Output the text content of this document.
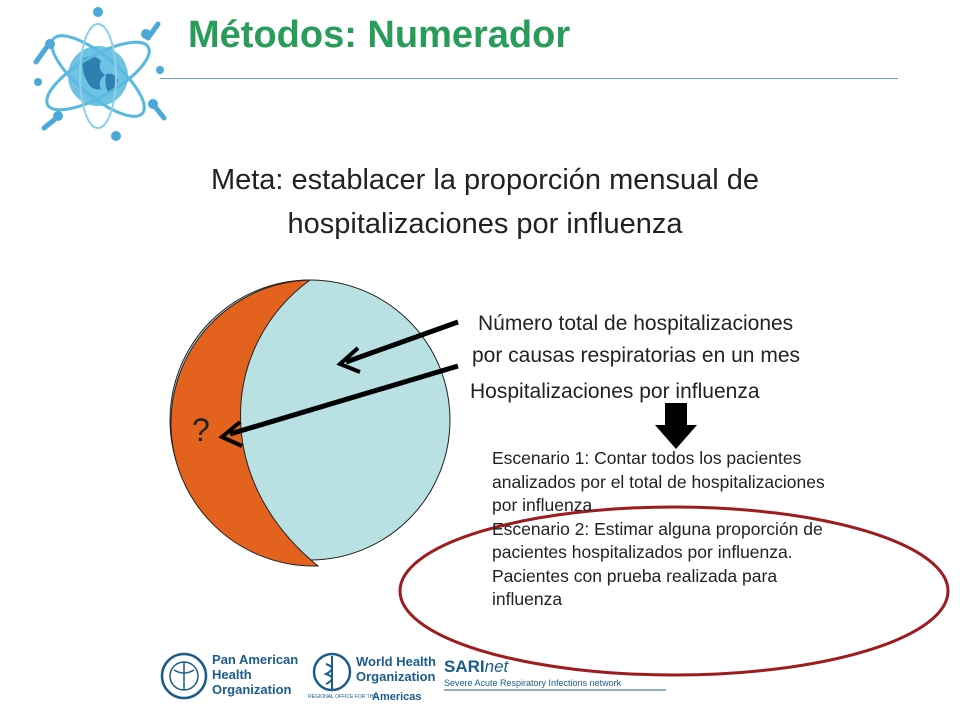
Métodos: Numerador
Meta: establacer la proporción mensual de
hospitalizaciones por influenza
?
Número total de hospitalizaciones
por causas respiratorias en un mes
Hospitalizaciones por influenza
Escenario 1: Contar todos los pacientes
analizados por el total de hospitalizaciones
por influenza
Escenario 2: Estimar alguna proporción de
pacientes hospitalizados por influenza.
Pacientes con prueba realizada para
influenza
Pan American
Health
Organization
World Health
Organization
REGIONAL OFFICE FOR THE
Americas
SARInet
Severe Acute Respiratory Infections network
